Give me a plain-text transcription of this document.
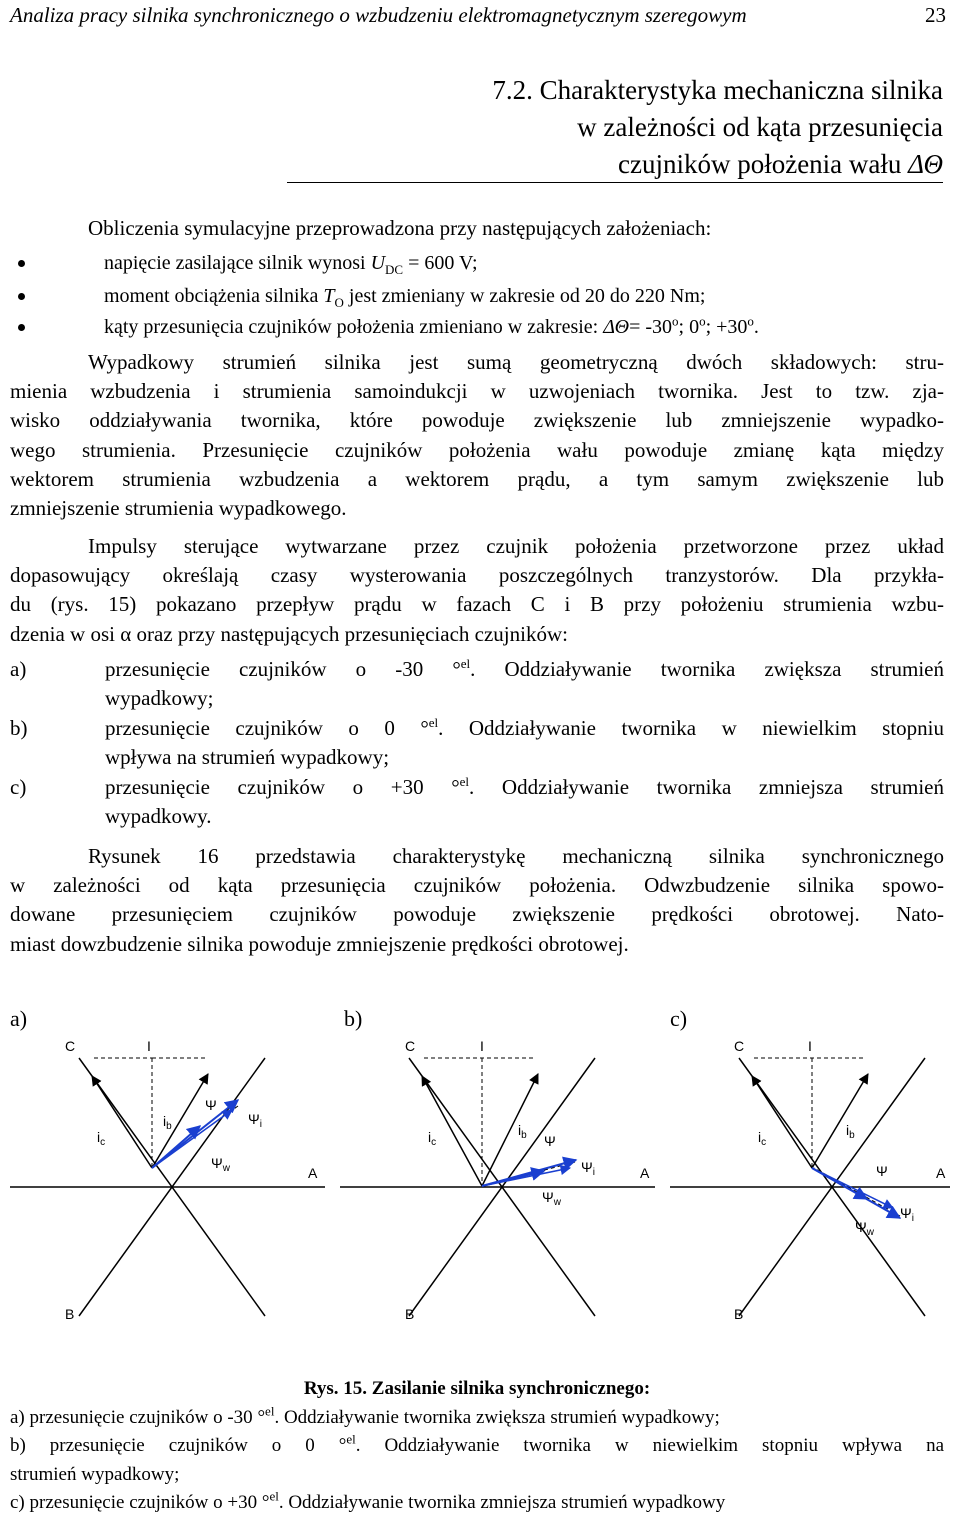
Analiza pracy silnika synchronicznego o wzbudzeniu elektromagnetycznym szeregowym	23
7.2. Charakterystyka mechaniczna silnika
w zależności od kąta przesunięcia
czujników położenia wału ΔΘ
Obliczenia symulacyjne przeprowadzona przy następujących założeniach:
napięcie zasilające silnik wynosi $U_{DC} = 600$ V;
moment obciążenia silnika $T_O$ jest zmieniany w zakresie od 20 do 220 Nm;
kąty przesunięcia czujników położenia zmieniano w zakresie: $\Delta\Theta= -30^o$; $0^o$; $+30^o$.
Wypadkowy strumień silnika jest sumą geometryczną dwóch składowych: stru-
mienia wzbudzenia i strumienia samoindukcji w uzwojeniach twornika. Jest to tzw. zja-
wisko oddziaływania twornika, które powoduje zwiększenie lub zmniejszenie wypadko-
wego strumienia. Przesunięcie czujników położenia wału powoduje zmianę kąta między
wektorem strumienia wzbudzenia a wektorem prądu, a tym samym zwiększenie lub
zmniejszenie strumienia wypadkowego.
Impulsy sterujące wytwarzane przez czujnik położenia przetworzone przez układ
dopasowujący określają czasy wysterowania poszczególnych tranzystorów. Dla przykła-
du (rys. 15) pokazano przepływ prądu w fazach C i B przy położeniu strumienia wzbu-
dzenia w osi α oraz przy następujących przesunięciach czujników:
a)	przesunięcie czujników o -30 °$^{el}$. Oddziaływanie twornika zwiększa strumień
wypadkowy;
b)	przesunięcie czujników o 0 °$^{el}$. Oddziaływanie twornika w niewielkim stopniu
wpływa na strumień wypadkowy;
c)	przesunięcie czujników o +30 °$^{el}$. Oddziaływanie twornika zmniejsza strumień
wypadkowy.
Rysunek 16 przedstawia charakterystykę mechaniczną silnika synchronicznego
w zależności od kąta przesunięcia czujników położenia. Odwzbudzenie silnika spowo-
dowane przesunięciem czujników powoduje zwiększenie prędkości obrotowej. Nato-
miast dowzbudzenie silnika powoduje zmniejszenie prędkości obrotowej.
a)
C	I
A
B
$i_c$
$i_b$
Ψ
$\Psi_i$
$\Psi_w$
b)
C	I
A
B
$i_c$
$i_b$ Ψ
$\Psi_i$
$\Psi_w$
c)
C	I
A
B
$i_c$
$i_b$
Ψ
$\Psi_i$
$\Psi_w$
Rys. 15. Zasilanie silnika synchronicznego:
a) przesunięcie czujników o -30 °$^{el}$. Oddziaływanie twornika zwiększa strumień wypadkowy;
b) przesunięcie czujników o 0 °$^{el}$. Oddziaływanie twornika w niewielkim stopniu wpływa na
strumień wypadkowy;
c) przesunięcie czujników o +30 °$^{el}$. Oddziaływanie twornika zmniejsza strumień wypadkowy
